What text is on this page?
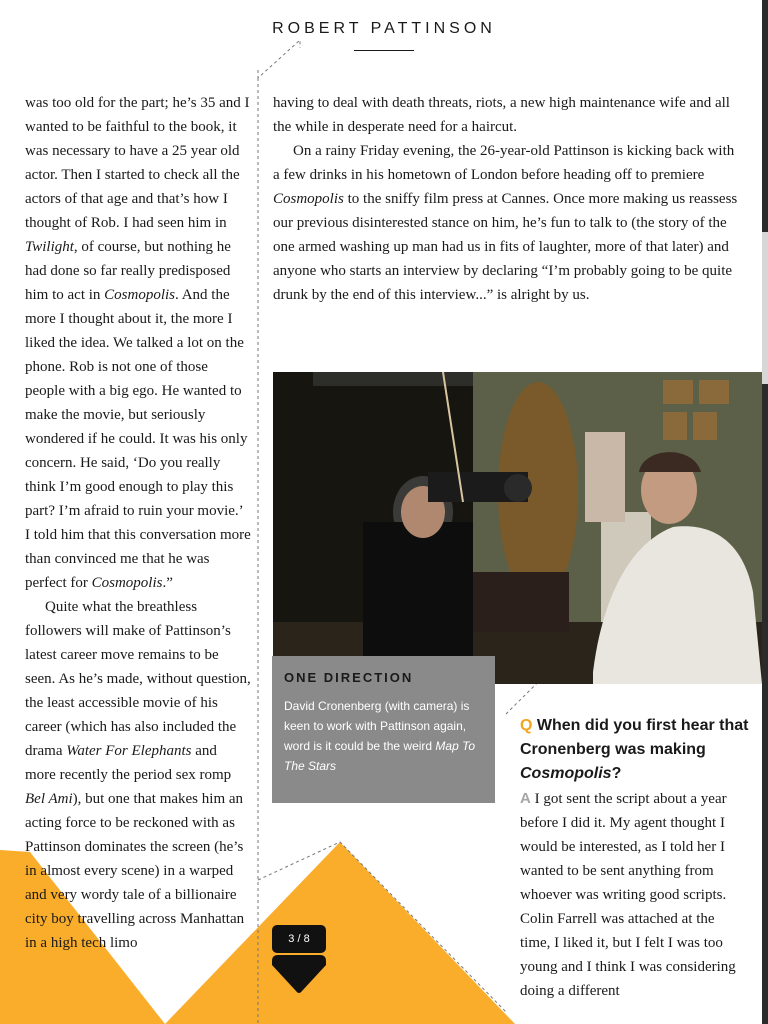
ROBERT PATTINSON

was too old for the part; he’s 35 and I wanted to be faithful to the book, it was necessary to have a 25 year old actor. Then I started to check all the actors of that age and that’s how I thought of Rob. I had seen him in Twilight, of course, but nothing he had done so far really predisposed him to act in Cosmopolis. And the more I thought about it, the more I liked the idea. We talked a lot on the phone. Rob is not one of those people with a big ego. He wanted to make the movie, but seriously wondered if he could. It was his only concern. He said, ‘Do you really think I’m good enough to play this part? I’m afraid to ruin your movie.’ I told him that this conversation more than convinced me that he was perfect for Cosmopolis.”

Quite what the breathless followers will make of Pattinson’s latest career move remains to be seen. As he’s made, without question, the least accessible movie of his career (which has also included the drama Water For Elephants and more recently the period sex romp Bel Ami), but one that makes him an acting force to be reckoned with as Pattinson dominates the screen (he’s in almost every scene) in a warped and very wordy tale of a billionaire city boy travelling across Manhattan in a high tech limo

having to deal with death threats, riots, a new high maintenance wife and all the while in desperate need for a haircut.

On a rainy Friday evening, the 26-year-old Pattinson is kicking back with a few drinks in his hometown of London before heading off to premiere Cosmopolis to the sniffy film press at Cannes. Once more making us reassess our previous disinterested stance on him, he’s fun to talk to (the story of the one armed washing up man had us in fits of laughter, more of that later) and anyone who starts an interview by declaring “I’m probably going to be quite drunk by the end of this interview...” is alright by us.

ONE DIRECTION
David Cronenberg (with camera) is keen to work with Pattinson again, word is it could be the weird Map To The Stars
Q When did you first hear that Cronenberg was making Cosmopolis?

A I got sent the script about a year before I did it. My agent thought I would be interested, as I told her I wanted to be sent anything from whoever was writing good scripts. Colin Farrell was attached at the time, I liked it, but I felt I was too young and I think I was considering doing a different

3 / 8
